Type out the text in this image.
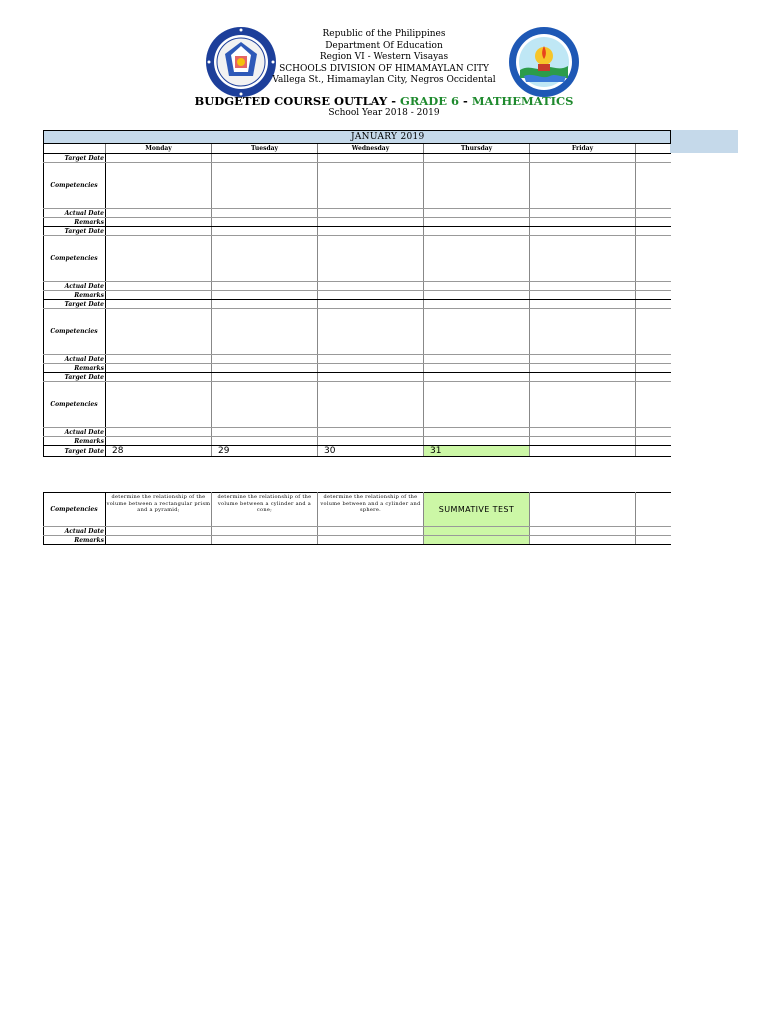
Republic of the Philippines
Department Of Education
Region VI - Western Visayas
SCHOOLS DIVISION OF HIMAMAYLAN CITY
Vallega St., Himamaylan City, Negros Occidental
BUDGETED COURSE OUTLAY - GRADE 6 - MATHEMATICS
School Year 2018 - 2019
	JANUARY 2019					
	Monday	Tuesday	Wednesday	Thursday	Friday	
Target Date						
Competencies						
Actual Date						
Remarks						
Target Date						
Competencies						
Actual Date						
Remarks						
Target Date						
Competencies						
Actual Date						
Remarks						
Target Date						
Competencies						
Actual Date						
Remarks						
Target Date	28	29	30	31		
Competencies	determine the relationship of the volume between a rectangular prism and a pyramid;	determine the relationship of the volume between a cylinder and a cone;	determine the relationship of the volume between and a cylinder and sphere.	SUMMATIVE TEST		
Actual Date						
Remarks						
